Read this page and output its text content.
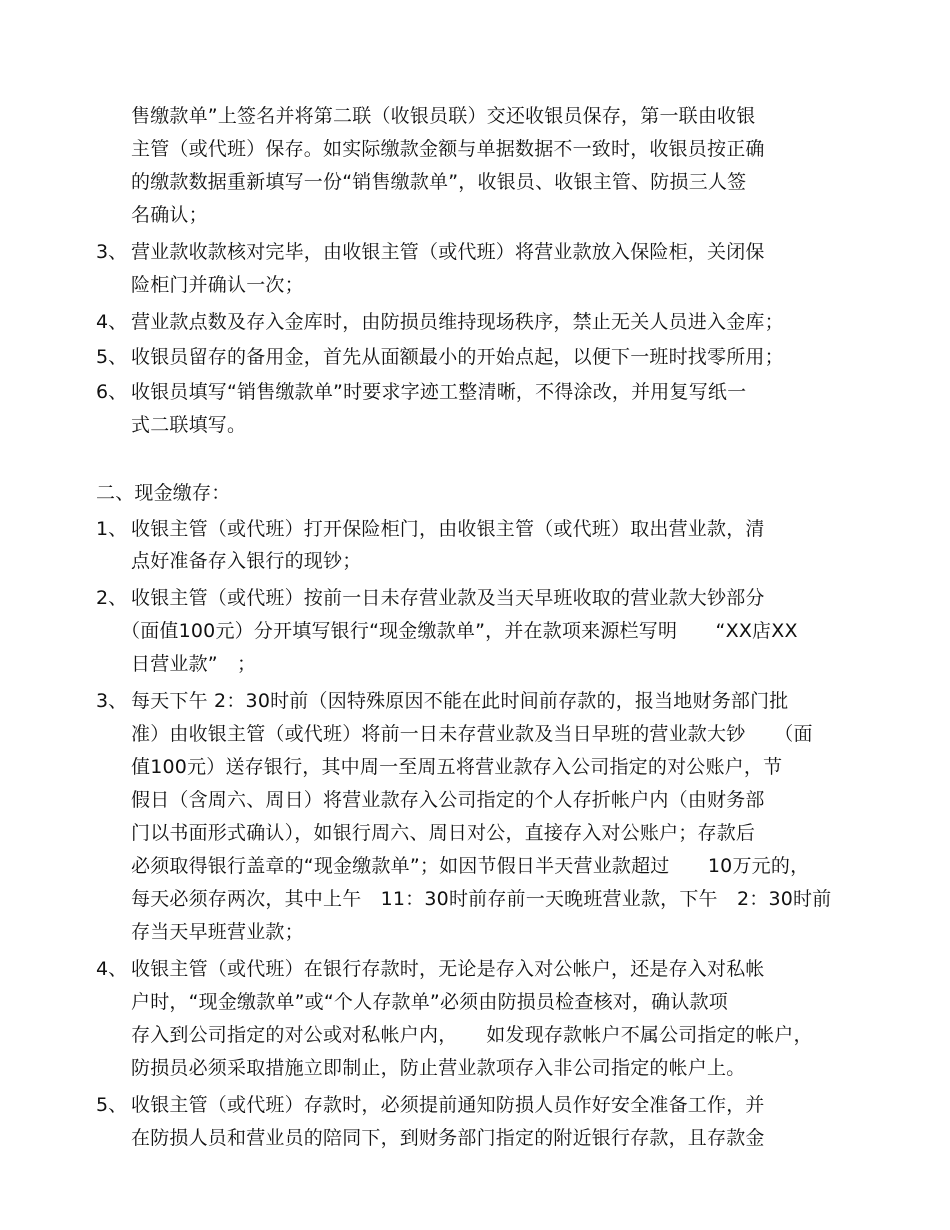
售缴款单”上签名并将第二联（收银员联）交还收银员保存，第一联由收银
主管（或代班）保存。如实际缴款金额与单据数据不一致时，收银员按正确
的缴款数据重新填写一份“销售缴款单”，收银员、收银主管、防损三人签
名确认；
3、 营业款收款核对完毕，由收银主管（或代班）将营业款放入保险柜，关闭保
险柜门并确认一次；
4、 营业款点数及存入金库时，由防损员维持现场秩序，禁止无关人员进入金库；
5、 收银员留存的备用金，首先从面额最小的开始点起，以便下一班时找零所用；
6、 收银员填写“销售缴款单”时要求字迹工整清晰，不得涂改，并用复写纸一
式二联填写。
二、现金缴存：
1、 收银主管（或代班）打开保险柜门，由收银主管（或代班）取出营业款，清
点好准备存入银行的现钞；
2、 收银主管（或代班）按前一日未存营业款及当天早班收取的营业款大钞部分
（面值100元）分开填写银行“现金缴款单”，并在款项来源栏写明　　“XX店XX
日营业款”　；
3、 每天下午 2：30时前（因特殊原因不能在此时间前存款的，报当地财务部门批
准）由收银主管（或代班）将前一日未存营业款及当日早班的营业款大钞　　（面
值100元）送存银行，其中周一至周五将营业款存入公司指定的对公账户，节
假日（含周六、周日）将营业款存入公司指定的个人存折帐户内（由财务部
门以书面形式确认），如银行周六、周日对公，直接存入对公账户；存款后
必须取得银行盖章的“现金缴款单”；如因节假日半天营业款超过　　10万元的，
每天必须存两次，其中上午　11：30时前存前一天晚班营业款，下午　2：30时前
存当天早班营业款；
4、 收银主管（或代班）在银行存款时，无论是存入对公帐户，还是存入对私帐
户时，“现金缴款单”或“个人存款单”必须由防损员检查核对，确认款项
存入到公司指定的对公或对私帐户内，　　如发现存款帐户不属公司指定的帐户，
防损员必须采取措施立即制止，防止营业款项存入非公司指定的帐户上。
5、 收银主管（或代班）存款时，必须提前通知防损人员作好安全准备工作，并
在防损人员和营业员的陪同下，到财务部门指定的附近银行存款，且存款金
